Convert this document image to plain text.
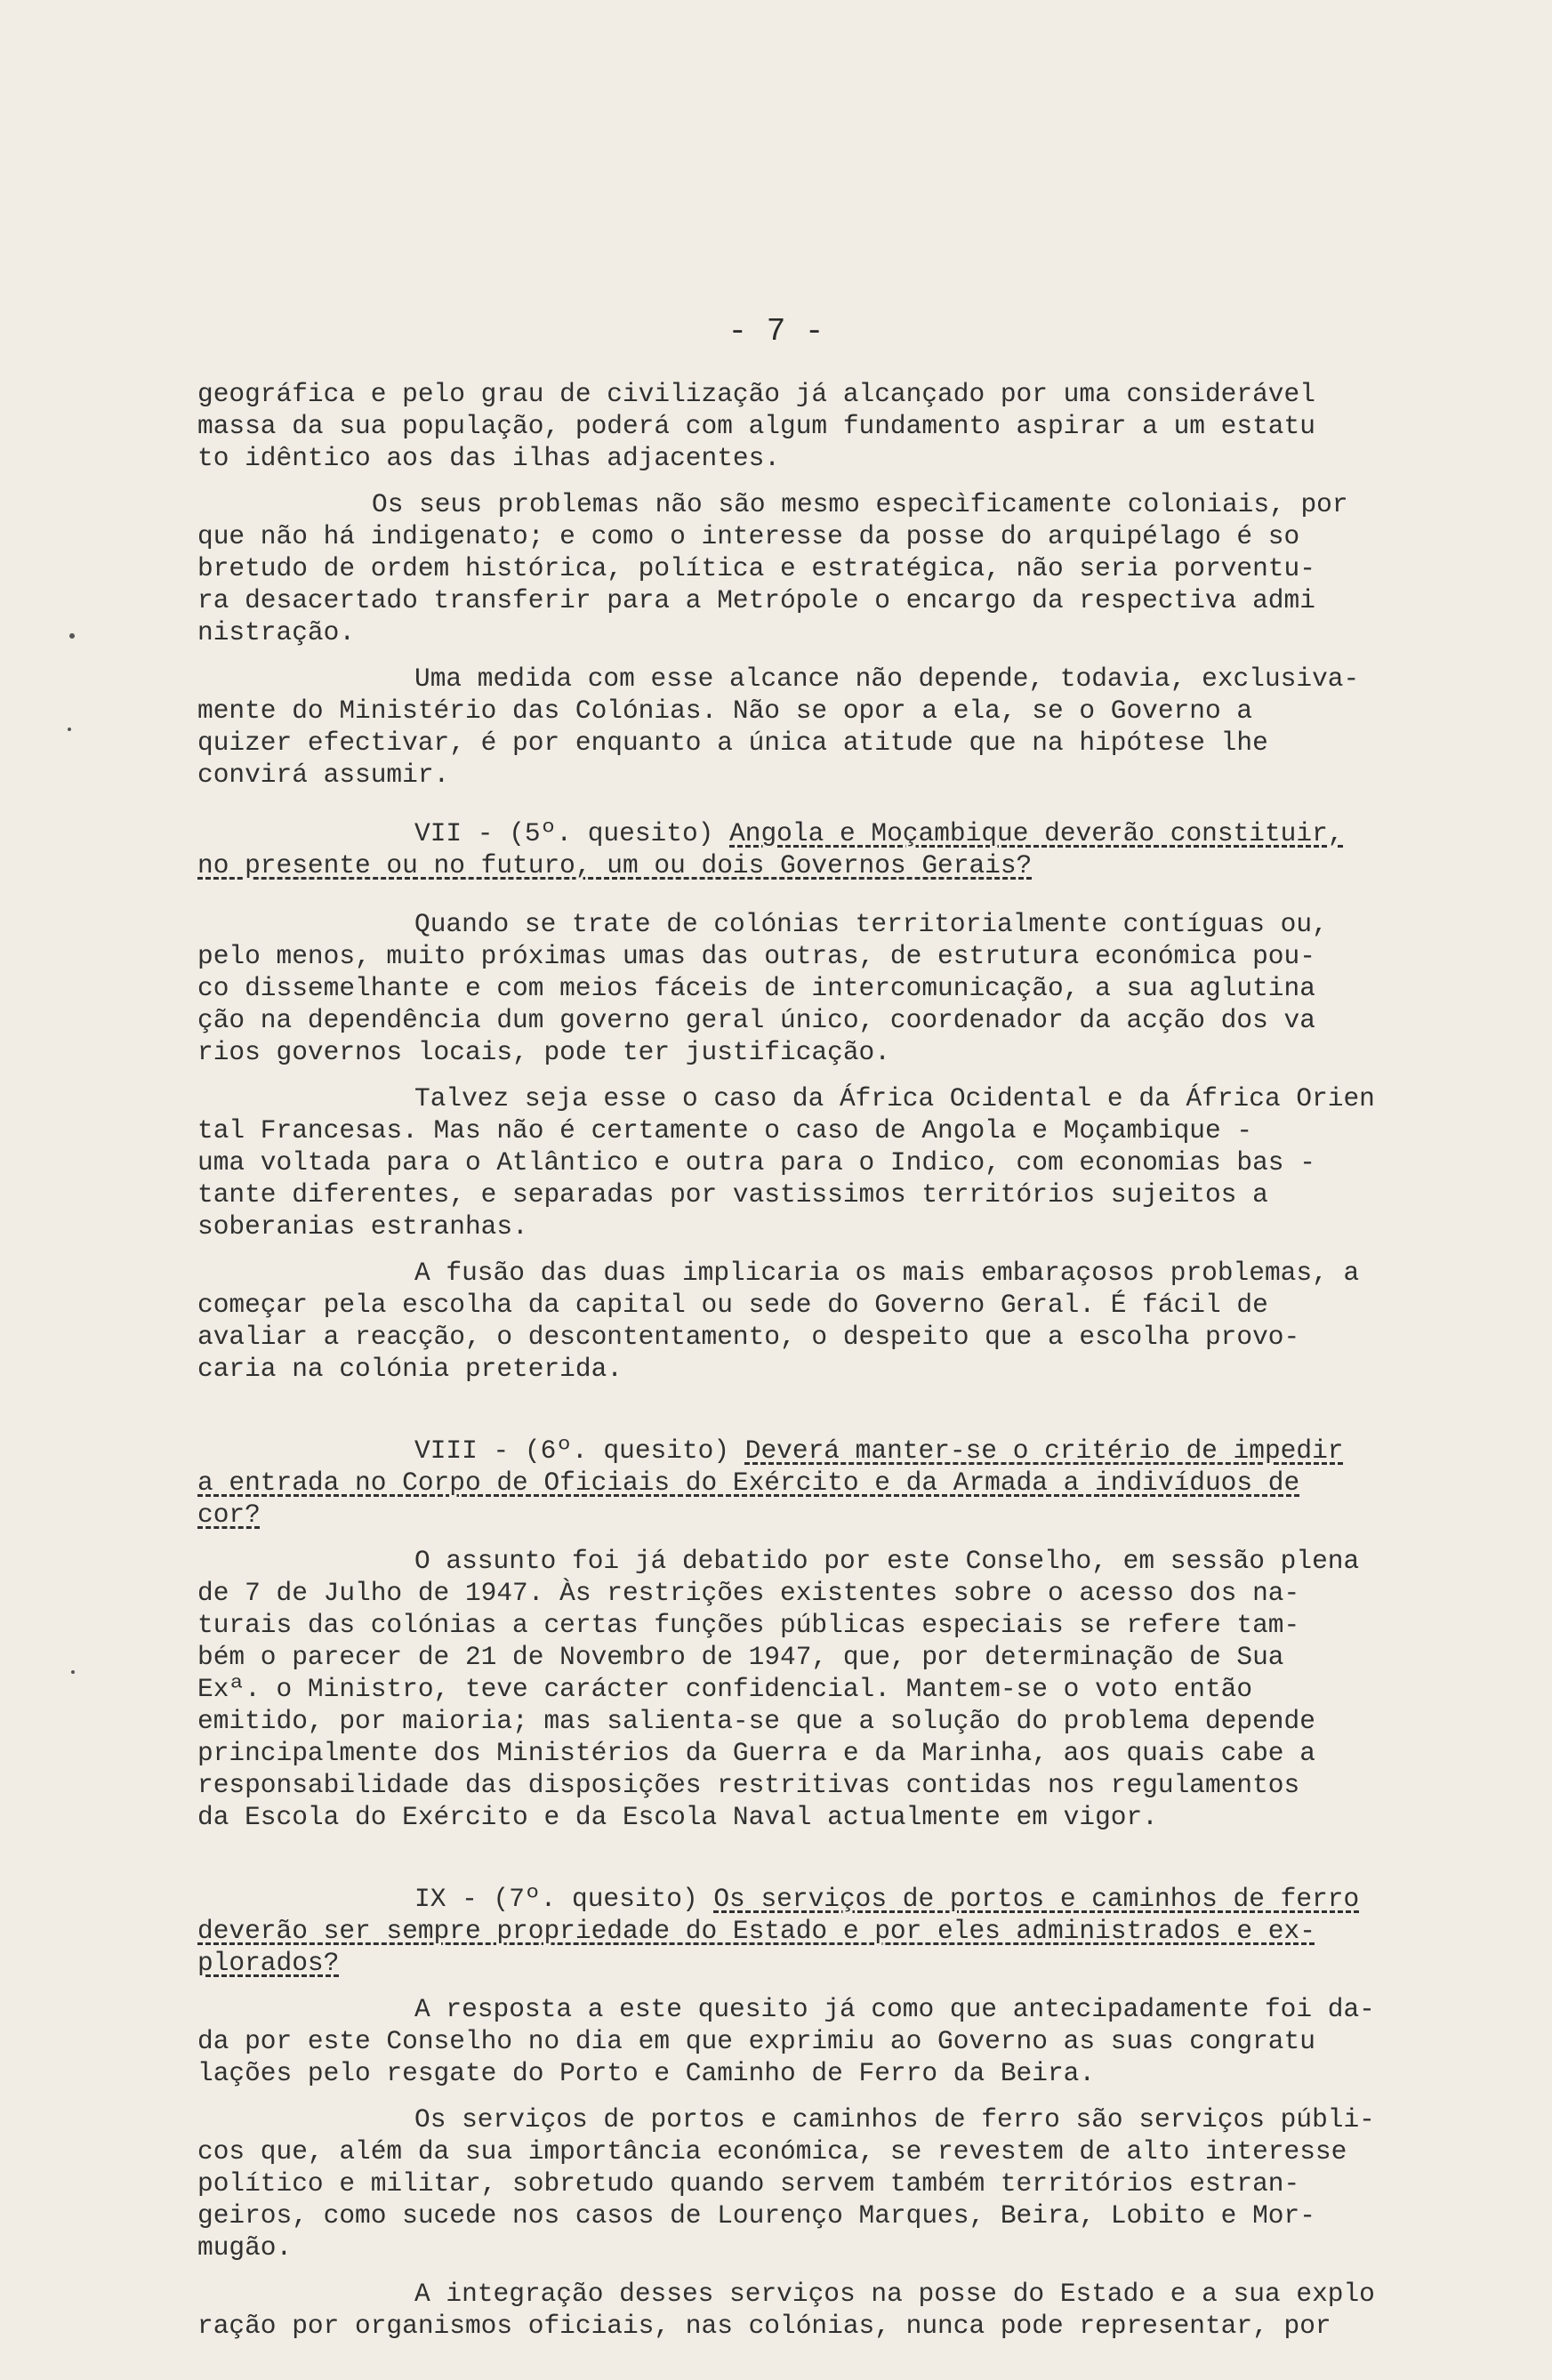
- 7 -
geográfica e pelo grau de civilização já alcançado por uma considerável
massa da sua população, poderá com algum fundamento aspirar a um estatu
to idêntico aos das ilhas adjacentes.
Os seus problemas não são mesmo especìficamente coloniais, por
que não há indigenato; e como o interesse da posse do arquipélago é so
bretudo de ordem histórica, política e estratégica, não seria porventu-
ra desacertado transferir para a Metrópole o encargo da respectiva admi
nistração.
Uma medida com esse alcance não depende, todavia, exclusiva-
mente do Ministério das Colónias. Não se opor a ela, se o Governo a
quizer efectivar, é por enquanto a única atitude que na hipótese lhe
convirá assumir.
VII - (5º. quesito) Angola e Moçambique deverão constituir,
no presente ou no futuro, um ou dois Governos Gerais?
Quando se trate de colónias territorialmente contíguas ou,
pelo menos, muito próximas umas das outras, de estrutura económica pou-
co dissemelhante e com meios fáceis de intercomunicação, a sua aglutina
ção na dependência dum governo geral único, coordenador da acção dos va
rios governos locais, pode ter justificação.
Talvez seja esse o caso da África Ocidental e da África Orien
tal Francesas. Mas não é certamente o caso de Angola e Moçambique -
uma voltada para o Atlântico e outra para o Indico, com economias bas -
tante diferentes, e separadas por vastissimos territórios sujeitos a
soberanias estranhas.
A fusão das duas implicaria os mais embaraçosos problemas, a
começar pela escolha da capital ou sede do Governo Geral. É fácil de
avaliar a reacção, o descontentamento, o despeito que a escolha provo-
caria na colónia preterida.
VIII - (6º. quesito) Deverá manter-se o critério de impedir
a entrada no Corpo de Oficiais do Exército e da Armada a indivíduos de
cor?
O assunto foi já debatido por este Conselho, em sessão plena
de 7 de Julho de 1947. Às restrições existentes sobre o acesso dos na-
turais das colónias a certas funções públicas especiais se refere tam-
bém o parecer de 21 de Novembro de 1947, que, por determinação de Sua
Exª. o Ministro, teve carácter confidencial. Mantem-se o voto então
emitido, por maioria; mas salienta-se que a solução do problema depende
principalmente dos Ministérios da Guerra e da Marinha, aos quais cabe a
responsabilidade das disposições restritivas contidas nos regulamentos
da Escola do Exército e da Escola Naval actualmente em vigor.
IX - (7º. quesito) Os serviços de portos e caminhos de ferro
deverão ser sempre propriedade do Estado e por eles administrados e ex-
plorados?
A resposta a este quesito já como que antecipadamente foi da-
da por este Conselho no dia em que exprimiu ao Governo as suas congratu
lações pelo resgate do Porto e Caminho de Ferro da Beira.
Os serviços de portos e caminhos de ferro são serviços públi-
cos que, além da sua importância económica, se revestem de alto interesse
político e militar, sobretudo quando servem também territórios estran-
geiros, como sucede nos casos de Lourenço Marques, Beira, Lobito e Mor-
mugão.
A integração desses serviços na posse do Estado e a sua explo
ração por organismos oficiais, nas colónias, nunca pode representar, por
